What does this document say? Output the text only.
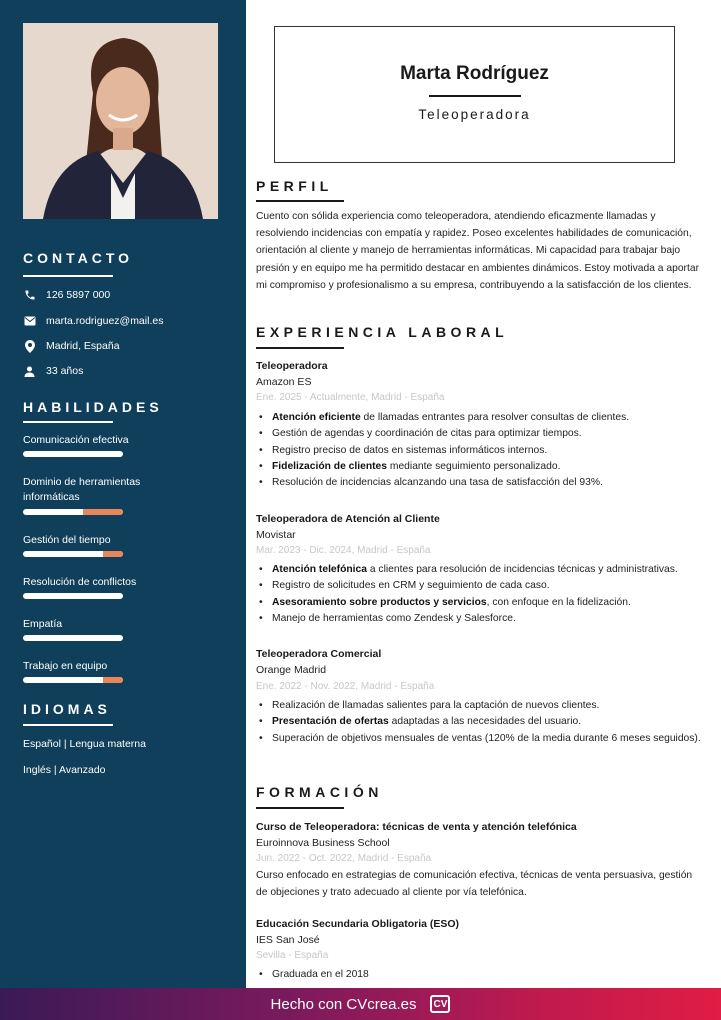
CONTACTO
126 5897 000
marta.rodriguez@mail.es
Madrid, España
33 años
HABILIDADES
Comunicación efectiva
Dominio de herramientas informáticas
Gestión del tiempo
Resolución de conflictos
Empatía
Trabajo en equipo
IDIOMAS
Español | Lengua materna
Inglés | Avanzado
Marta Rodríguez
Teleoperadora
PERFIL
Cuento con sólida experiencia como teleoperadora, atendiendo eficazmente llamadas y resolviendo incidencias con empatía y rapidez. Poseo excelentes habilidades de comunicación, orientación al cliente y manejo de herramientas informáticas. Mi capacidad para trabajar bajo presión y en equipo me ha permitido destacar en ambientes dinámicos. Estoy motivada a aportar mi compromiso y profesionalismo a su empresa, contribuyendo a la satisfacción de los clientes.
EXPERIENCIA LABORAL
Teleoperadora
Amazon ES
Ene. 2025 - Actualmente, Madrid - España
• Atención eficiente de llamadas entrantes para resolver consultas de clientes.
• Gestión de agendas y coordinación de citas para optimizar tiempos.
• Registro preciso de datos en sistemas informáticos internos.
• Fidelización de clientes mediante seguimiento personalizado.
• Resolución de incidencias alcanzando una tasa de satisfacción del 93%.
Teleoperadora de Atención al Cliente
Movistar
Mar. 2023 - Dic. 2024, Madrid - España
• Atención telefónica a clientes para resolución de incidencias técnicas y administrativas.
• Registro de solicitudes en CRM y seguimiento de cada caso.
• Asesoramiento sobre productos y servicios, con enfoque en la fidelización.
• Manejo de herramientas como Zendesk y Salesforce.
Teleoperadora Comercial
Orange Madrid
Ene. 2022 - Nov. 2022, Madrid - España
• Realización de llamadas salientes para la captación de nuevos clientes.
• Presentación de ofertas adaptadas a las necesidades del usuario.
• Superación de objetivos mensuales de ventas (120% de la media durante 6 meses seguidos).
FORMACIÓN
Curso de Teleoperadora: técnicas de venta y atención telefónica
Euroinnova Business School
Jun. 2022 - Oct. 2022, Madrid - España
Curso enfocado en estrategias de comunicación efectiva, técnicas de venta persuasiva, gestión de objeciones y trato adecuado al cliente por vía telefónica.
Educación Secundaria Obligatoria (ESO)
IES San José
Sevilla - España
• Graduada en el 2018
Hecho con CVcrea.es	CV
